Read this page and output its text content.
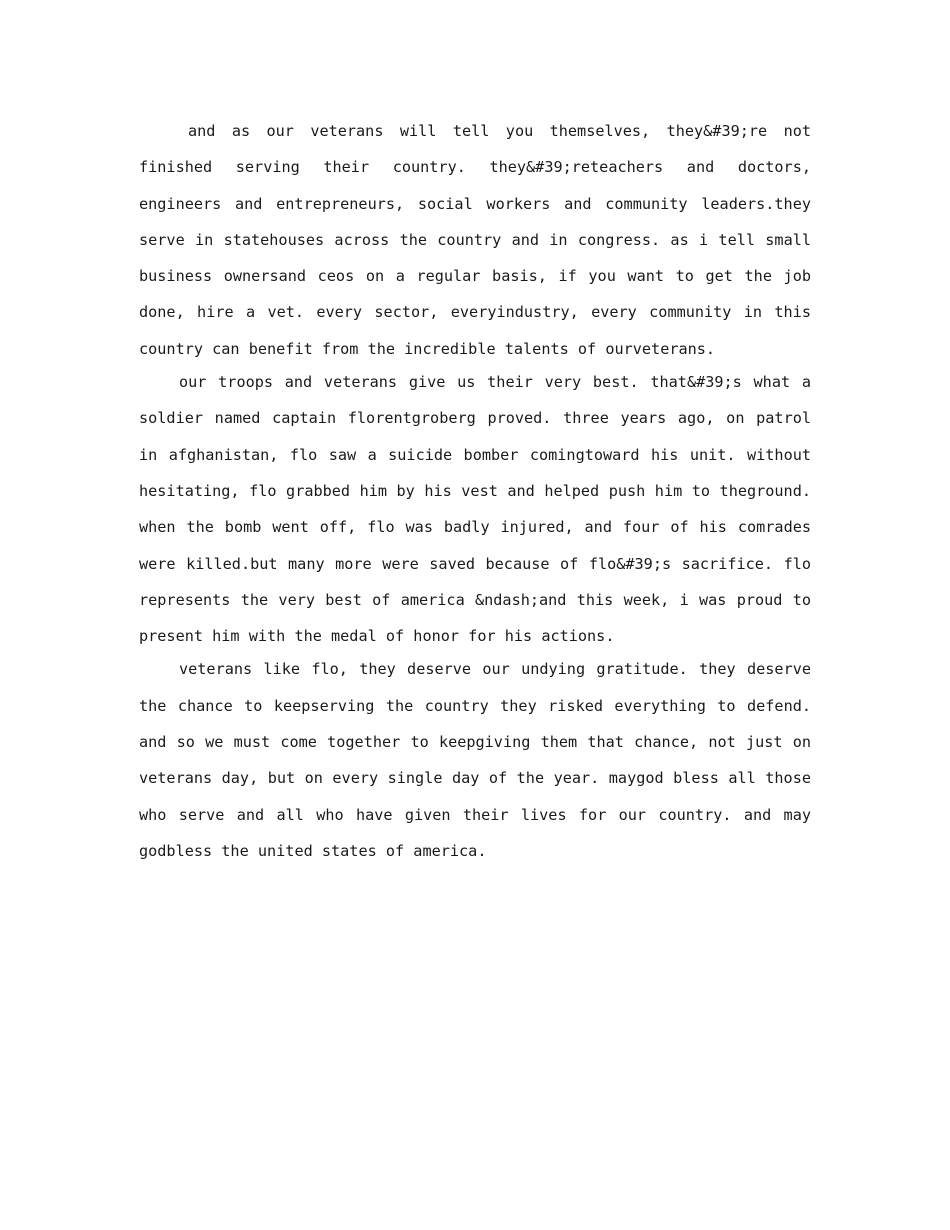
and as our veterans will tell you themselves, they&#39;re not finished serving their country. they&#39;reteachers and doctors, engineers and entrepreneurs, social workers and community leaders.they serve in statehouses across the country and in congress. as i tell small business ownersand ceos on a regular basis, if you want to get the job done, hire a vet. every sector, everyindustry, every community in this country can benefit from the incredible talents of ourveterans.

our troops and veterans give us their very best. that&#39;s what a soldier named captain florentgroberg proved. three years ago, on patrol in afghanistan, flo saw a suicide bomber comingtoward his unit. without hesitating, flo grabbed him by his vest and helped push him to theground. when the bomb went off, flo was badly injured, and four of his comrades were killed.but many more were saved because of flo&#39;s sacrifice. flo represents the very best of america &ndash;and this week, i was proud to present him with the medal of honor for his actions.

veterans like flo, they deserve our undying gratitude. they deserve the chance to keepserving the country they risked everything to defend. and so we must come together to keepgiving them that chance, not just on veterans day, but on every single day of the year. maygod bless all those who serve and all who have given their lives for our country. and may godbless the united states of america.
